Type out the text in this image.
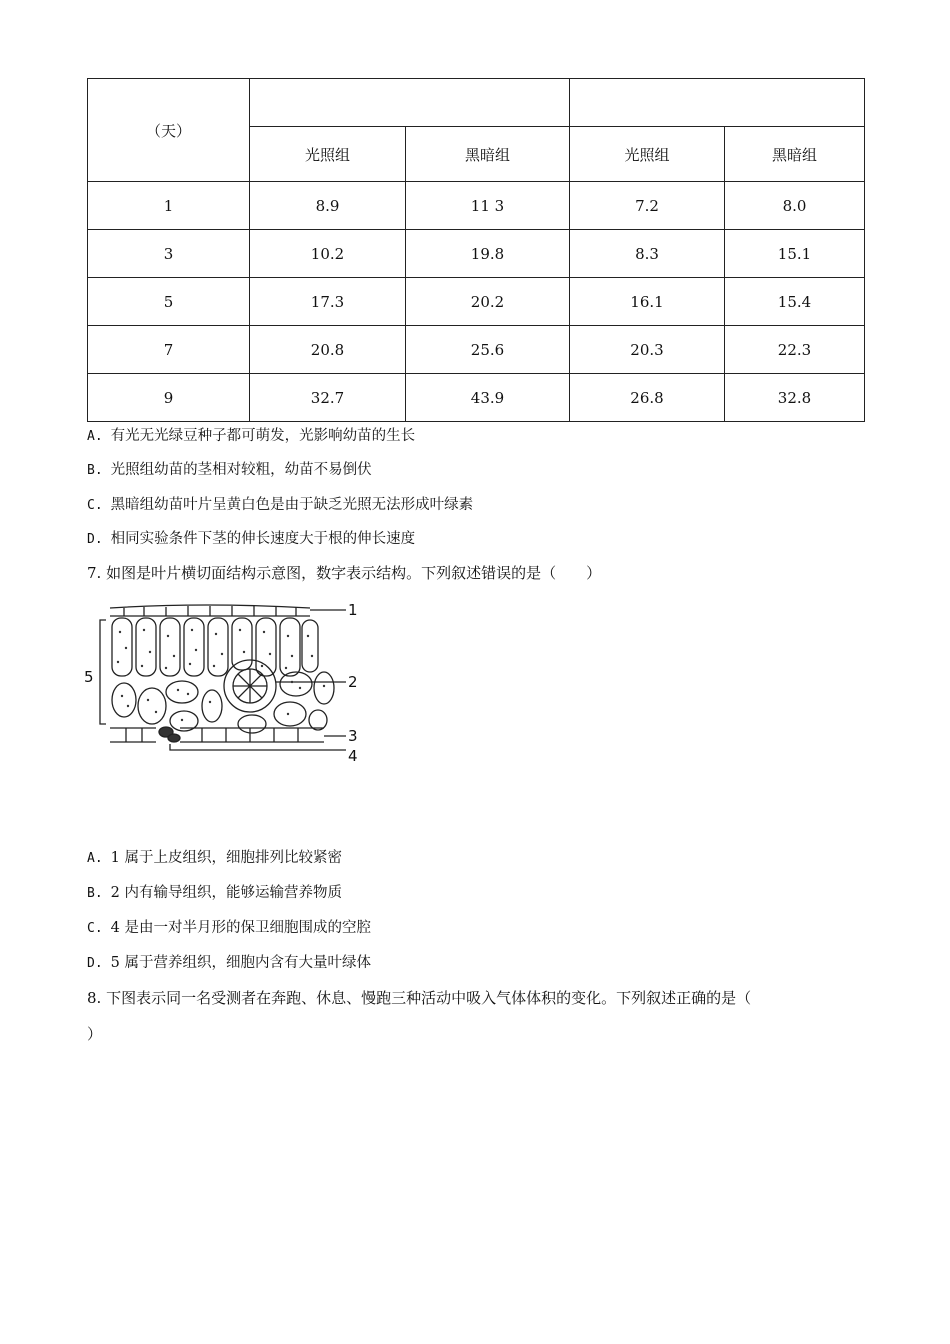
（天）				
	光照组	黑暗组	光照组	黑暗组
1	8.9	11 3	7.2	8.0
3	10.2	19.8	8.3	15.1
5	17.3	20.2	16.1	15.4
7	20.8	25.6	20.3	22.3
9	32.7	43.9	26.8	32.8
A. 有光无光绿豆种子都可萌发，光影响幼苗的生长
B. 光照组幼苗的茎相对较粗，幼苗不易倒伏
C. 黑暗组幼苗叶片呈黄白色是由于缺乏光照无法形成叶绿素
D. 相同实验条件下茎的伸长速度大于根的伸长速度
7. 如图是叶片横切面结构示意图，数字表示结构。下列叙述错误的是（　　）
1
2
3
4
5
A. 1 属于上皮组织，细胞排列比较紧密
B. 2 内有输导组织，能够运输营养物质
C. 4 是由一对半月形的保卫细胞围成的空腔
D. 5 属于营养组织，细胞内含有大量叶绿体
8. 下图表示同一名受测者在奔跑、休息、慢跑三种活动中吸入气体体积的变化。下列叙述正确的是（
）
